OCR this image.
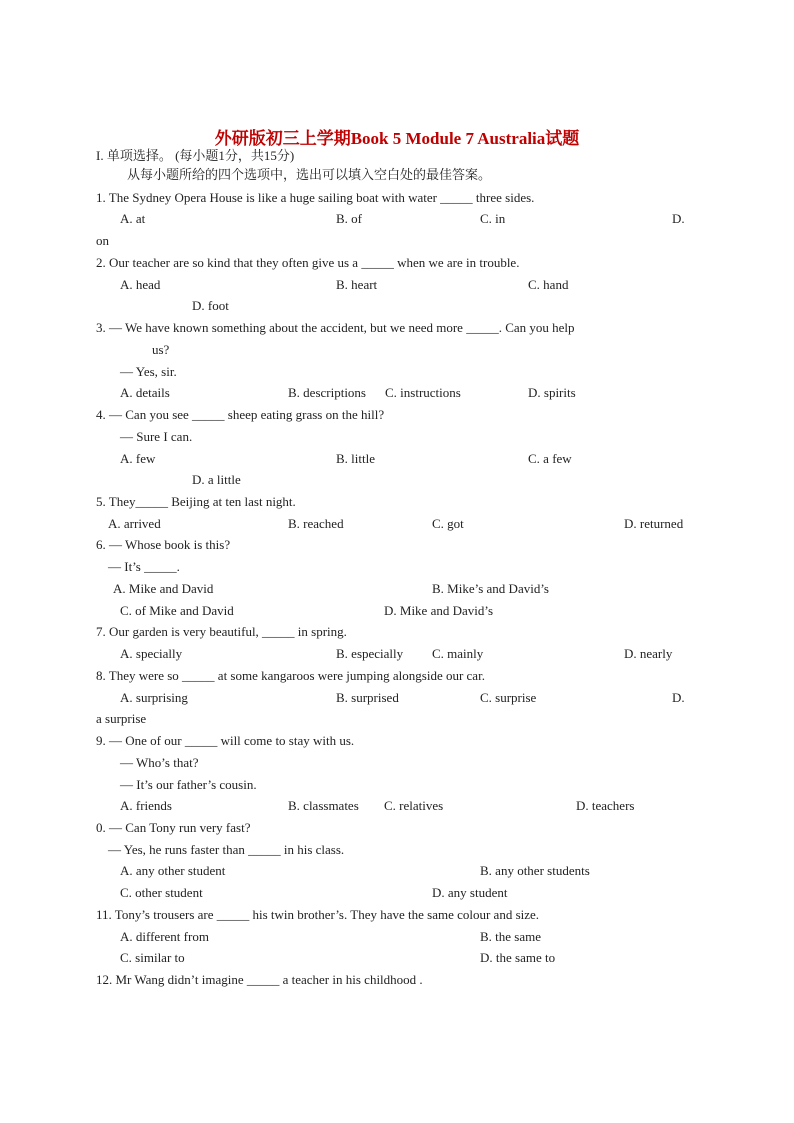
外研版初三上学期Book 5 Module 7 Australia试题
I. 单项选择。 (每小题1分，共15分)
从每小题所给的四个选项中，选出可以填入空白处的最佳答案。
1. The Sydney Opera House is like a huge sailing boat with water _____ three sides.
A. at	B. of	C. in	D.
on
2. Our teacher are so kind that they often give us a _____ when we are in trouble.
A. head	B. heart	C. hand
D. foot
3. — We have known something about the accident, but we need more _____. Can you help
us?
— Yes, sir.
A. details	B. descriptions C. instructions	D. spirits
4. — Can you see _____ sheep eating grass on the hill?
— Sure I can.
A. few	B. little	C. a few
D. a little
5. They_____ Beijing at ten last night.
A. arrived	B. reached	C. got	D. returned
6. — Whose book is this?
— It’s _____.
A. Mike and David	B. Mike’s and David’s
C. of Mike and David	D. Mike and David’s
7. Our garden is very beautiful, _____ in spring.
A. specially	B. especially C. mainly	D. nearly
8. They were so _____ at some kangaroos were jumping alongside our car.
A. surprising	B. surprised	C. surprise	D.
a surprise
9. — One of our _____ will come to stay with us.
— Who’s that?
— It’s our father’s cousin.
A. friends	B. classmates C. relatives	D. teachers
0. — Can Tony run very fast?
— Yes, he runs faster than _____ in his class.
A. any other student	B. any other students
C. other student	D. any student
11. Tony’s trousers are _____ his twin brother’s. They have the same colour and size.
A. different from	B. the same
C. similar to	D. the same to
12. Mr Wang didn’t imagine _____ a teacher in his childhood .
